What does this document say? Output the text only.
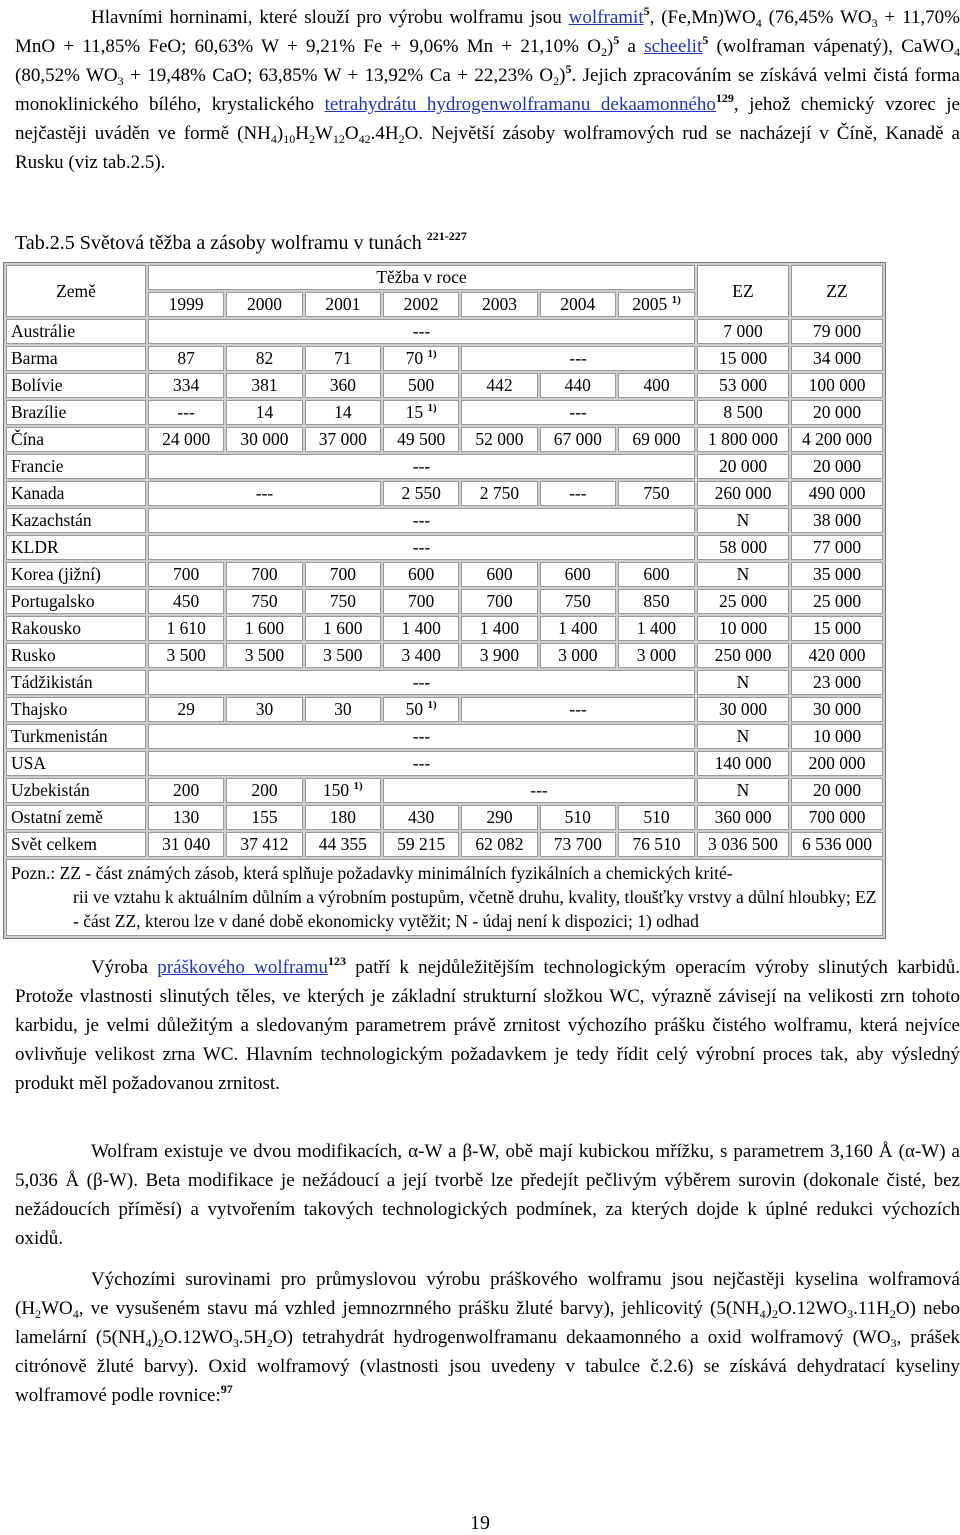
Hlavními horninami, které slouží pro výrobu wolframu jsou wolframit$^5$, $(Fe,Mn)WO_4$ (76,45% $WO_3 + 11,70\%$ MnO + 11,85% FeO; 60,63% W + 9,21% Fe + 9,06% Mn + 21,10% $O_2)^5$ a scheelit$^5$ (wolframan vápenatý), CaWO$_4$ (80,52% $WO_3 + 19,48\%$ CaO; 63,85% W + 13,92% Ca + 22,23% $O_2)^5$. Jejich zpracováním se získává velmi čistá forma monoklinického bílého, krystalického tetrahydrátu hydrogenwolframanu dekaamonného$^{129}$, jehož chemický vzorec je nejčastěji uváděn ve formě $(NH_4)_{10}H_2W_{12}O_{42}.4H_2O$. Největší zásoby wolframových rud se nacházejí v Číně, Kanadě a Rusku (viz tab.2.5).

Tab.2.5 Světová těžba a zásoby wolframu v tunách $^{221-227}$
Země	Těžba v roce							EZ	ZZ
	1999	2000	2001	2002	2003	2004	2005 $^{1)}$
Austrálie	---							7 000	79 000
Barma	87	82	71	70 $^{1)}$	---			15 000	34 000
Bolívie	334	381	360	500	442	440	400	53 000	100 000
Brazílie	---	14	14	15 $^{1)}$	---			8 500	20 000
Čína	24 000	30 000	37 000	49 500	52 000	67 000	69 000	1 800 000	4 200 000
Francie	---							20 000	20 000
Kanada	---			2 550	2 750	---	750	260 000	490 000
Kazachstán	---							N	38 000
KLDR	---							58 000	77 000
Korea (jižní)	700	700	700	600	600	600	600	N	35 000
Portugalsko	450	750	750	700	700	750	850	25 000	25 000
Rakousko	1 610	1 600	1 600	1 400	1 400	1 400	1 400	10 000	15 000
Rusko	3 500	3 500	3 500	3 400	3 900	3 000	3 000	250 000	420 000
Tádžikistán	---							N	23 000
Thajsko	29	30	30	50 $^{1)}$	---			30 000	30 000
Turkmenistán	---							N	10 000
USA	---							140 000	200 000
Uzbekistán	200	200	150 $^{1)}$	---				N	20 000
Ostatní země	130	155	180	430	290	510	510	360 000	700 000
Svět celkem	31 040	37 412	44 355	59 215	62 082	73 700	76 510	3 036 500	6 536 000
Pozn.: ZZ - část známých zásob, která splňuje požadavky minimálních fyzikálních a chemických krité-
rii ve vztahu k aktuálním důlním a výrobním postupům, včetně druhu, kvality, tloušťky vrstvy a důlní hloubky; EZ - část ZZ, kterou lze v dané době ekonomicky vytěžit; N - údaj není k dispozici; 1) odhad

Výroba práškového wolframu$^{123}$ patří k nejdůležitějším technologickým operacím výroby slinutých karbidů. Protože vlastnosti slinutých těles, ve kterých je základní strukturní složkou WC, výrazně závisejí na velikosti zrn tohoto karbidu, je velmi důležitým a sledovaným parametrem právě zrnitost výchozího prášku čistého wolframu, která nejvíce ovlivňuje velikost zrna WC. Hlavním technologickým požadavkem je tedy řídit celý výrobní proces tak, aby výsledný produkt měl požadovanou zrnitost.

Wolfram existuje ve dvou modifikacích, α-W a β-W, obě mají kubickou mřížku, s parametrem 3,160 Å (α-W) a 5,036 Å (β-W). Beta modifikace je nežádoucí a její tvorbě lze předejít pečlivým výběrem surovin (dokonale čisté, bez nežádoucích příměsí) a vytvořením takových technologických podmínek, za kterých dojde k úplné redukci výchozích oxidů.

Výchozími surovinami pro průmyslovou výrobu práškového wolframu jsou nejčastěji kyselina wolframová ($H_2WO_4$, ve vysušeném stavu má vzhled jemnozrnného prášku žluté barvy), jehlicovitý $(5(NH_4)_2O.12WO_3.11H_2O)$ nebo lamelární $(5(NH_4)_2O.12WO_3.5H_2O)$ tetrahydrát hydrogenwolframanu dekaamonného a oxid wolframový ($WO_3$, prášek citrónově žluté barvy). Oxid wolframový (vlastnosti jsou uvedeny v tabulce č.2.6) se získává dehydratací kyseliny wolframové podle rovnice:$^{97}$

19
